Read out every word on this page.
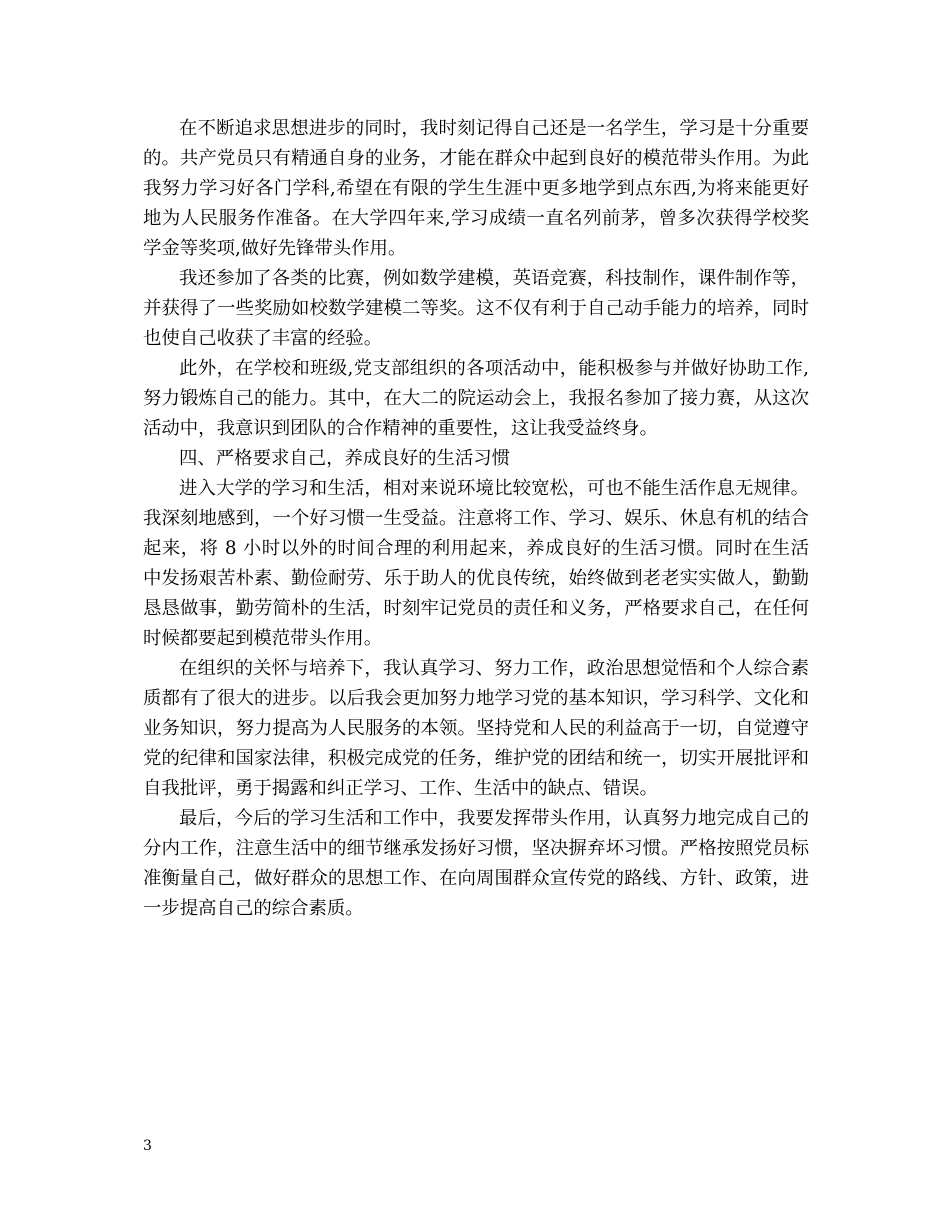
在不断追求思想进步的同时，我时刻记得自己还是一名学生，学习是十分重要的。共产党员只有精通自身的业务，才能在群众中起到良好的模范带头作用。为此我努力学习好各门学科,希望在有限的学生生涯中更多地学到点东西,为将来能更好地为人民服务作准备。在大学四年来,学习成绩一直名列前茅，曾多次获得学校奖学金等奖项,做好先锋带头作用。

我还参加了各类的比赛，例如数学建模，英语竞赛，科技制作，课件制作等，并获得了一些奖励如校数学建模二等奖。这不仅有利于自己动手能力的培养，同时也使自己收获了丰富的经验。

此外，在学校和班级,党支部组织的各项活动中，能积极参与并做好协助工作,努力锻炼自己的能力。其中，在大二的院运动会上，我报名参加了接力赛，从这次活动中，我意识到团队的合作精神的重要性，这让我受益终身。

四、严格要求自己，养成良好的生活习惯

进入大学的学习和生活，相对来说环境比较宽松，可也不能生活作息无规律。我深刻地感到，一个好习惯一生受益。注意将工作、学习、娱乐、休息有机的结合起来，将 8 小时以外的时间合理的利用起来，养成良好的生活习惯。同时在生活中发扬艰苦朴素、勤俭耐劳、乐于助人的优良传统，始终做到老老实实做人，勤勤恳恳做事，勤劳简朴的生活，时刻牢记党员的责任和义务，严格要求自己，在任何时候都要起到模范带头作用。

在组织的关怀与培养下，我认真学习、努力工作，政治思想觉悟和个人综合素质都有了很大的进步。以后我会更加努力地学习党的基本知识，学习科学、文化和业务知识，努力提高为人民服务的本领。坚持党和人民的利益高于一切，自觉遵守党的纪律和国家法律，积极完成党的任务，维护党的团结和统一，切实开展批评和自我批评，勇于揭露和纠正学习、工作、生活中的缺点、错误。

最后，今后的学习生活和工作中，我要发挥带头作用，认真努力地完成自己的分内工作，注意生活中的细节继承发扬好习惯，坚决摒弃坏习惯。严格按照党员标准衡量自己，做好群众的思想工作、在向周围群众宣传党的路线、方针、政策，进一步提高自己的综合素质。

3
